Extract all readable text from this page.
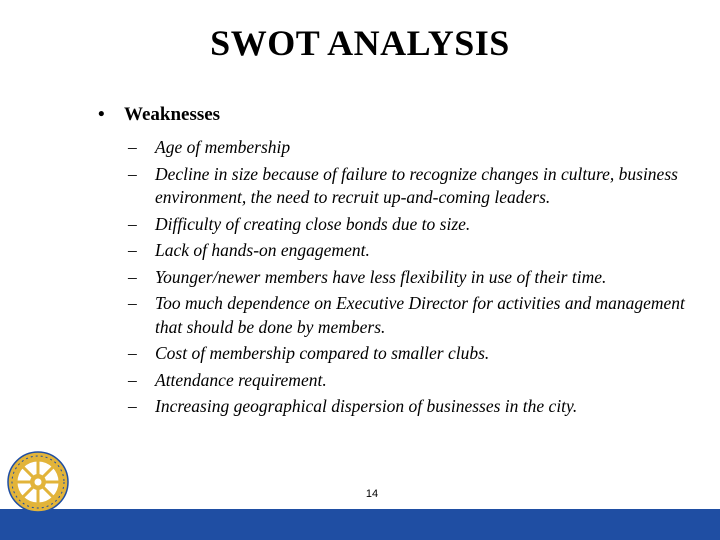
SWOT ANALYSIS
• Weaknesses
– Age of membership
– Decline in size because of failure to recognize changes in culture, business environment, the need to recruit up-and-coming leaders.
– Difficulty of creating close bonds due to size.
– Lack of hands-on engagement.
– Younger/newer members have less flexibility in use of their time.
– Too much dependence on Executive Director for activities and management that should be done by members.
– Cost of membership compared to smaller clubs.
– Attendance requirement.
– Increasing geographical dispersion of businesses in the city.
14
